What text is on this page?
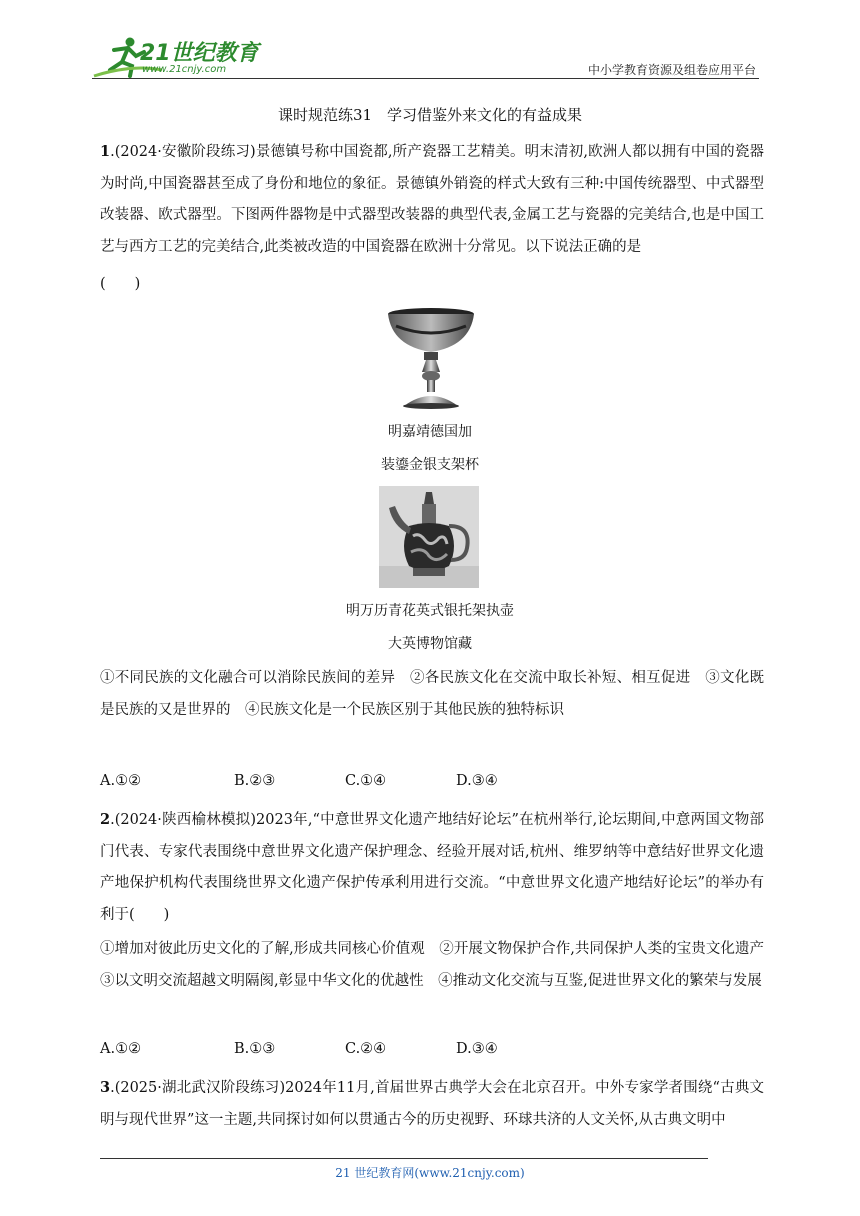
21世纪教育
www.21cnjy.com	中小学教育资源及组卷应用平台
课时规范练31　学习借鉴外来文化的有益成果
1.(2024·安徽阶段练习)景德镇号称中国瓷都,所产瓷器工艺精美。明末清初,欧洲人都以拥有中国的瓷器为时尚,中国瓷器甚至成了身份和地位的象征。景德镇外销瓷的样式大致有三种:中国传统器型、中式器型改装器、欧式器型。下图两件器物是中式器型改装器的典型代表,金属工艺与瓷器的完美结合,也是中国工艺与西方工艺的完美结合,此类被改造的中国瓷器在欧洲十分常见。以下说法正确的是
(　　)
明嘉靖德国加
装鎏金银支架杯
明万历青花英式银托架执壶
大英博物馆藏
①不同民族的文化融合可以消除民族间的差异　②各民族文化在交流中取长补短、相互促进　③文化既是民族的又是世界的　④民族文化是一个民族区别于其他民族的独特标识
A.①②	B.②③	C.①④	D.③④
2.(2024·陕西榆林模拟)2023年,“中意世界文化遗产地结好论坛”在杭州举行,论坛期间,中意两国文物部门代表、专家代表围绕中意世界文化遗产保护理念、经验开展对话,杭州、维罗纳等中意结好世界文化遗产地保护机构代表围绕世界文化遗产保护传承利用进行交流。“中意世界文化遗产地结好论坛”的举办有利于(　　)
①增加对彼此历史文化的了解,形成共同核心价值观　②开展文物保护合作,共同保护人类的宝贵文化遗产　③以文明交流超越文明隔阂,彰显中华文化的优越性　④推动文化交流与互鉴,促进世界文化的繁荣与发展
A.①②	B.①③	C.②④	D.③④
3.(2025·湖北武汉阶段练习)2024年11月,首届世界古典学大会在北京召开。中外专家学者围绕“古典文明与现代世界”这一主题,共同探讨如何以贯通古今的历史视野、环球共济的人文关怀,从古典文明中
21 世纪教育网(www.21cnjy.com)
